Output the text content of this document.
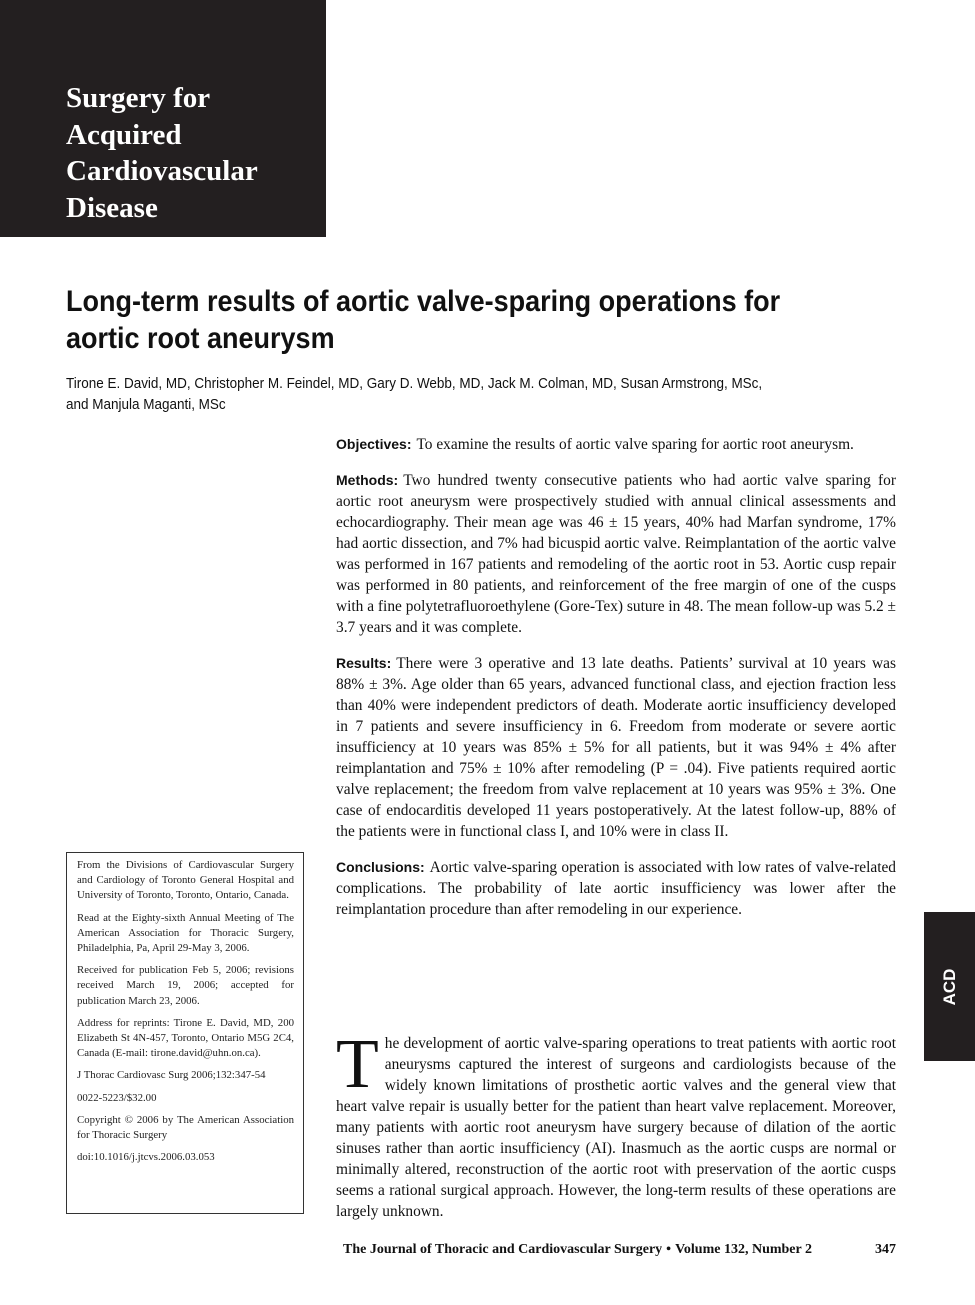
Surgery for
Acquired
Cardiovascular
Disease
Long-term results of aortic valve-sparing operations for
aortic root aneurysm
Tirone E. David, MD, Christopher M. Feindel, MD, Gary D. Webb, MD, Jack M. Colman, MD, Susan Armstrong, MSc,
and Manjula Maganti, MSc

Objectives: To examine the results of aortic valve sparing for aortic root aneurysm.

Methods: Two hundred twenty consecutive patients who had aortic valve sparing for aortic root aneurysm were prospectively studied with annual clinical assessments and echocardiography. Their mean age was 46 ± 15 years, 40% had Marfan syndrome, 17% had aortic dissection, and 7% had bicuspid aortic valve. Reimplantation of the aortic valve was performed in 167 patients and remodeling of the aortic root in 53. Aortic cusp repair was performed in 80 patients, and reinforcement of the free margin of one of the cusps with a fine polytetrafluoroethylene (Gore-Tex) suture in 48. The mean follow-up was 5.2 ± 3.7 years and it was complete.

Results: There were 3 operative and 13 late deaths. Patients’ survival at 10 years was 88% ± 3%. Age older than 65 years, advanced functional class, and ejection fraction less than 40% were independent predictors of death. Moderate aortic insufficiency developed in 7 patients and severe insufficiency in 6. Freedom from moderate or severe aortic insufficiency at 10 years was 85% ± 5% for all patients, but it was 94% ± 4% after reimplantation and 75% ± 10% after remodeling (P = .04). Five patients required aortic valve replacement; the freedom from valve replacement at 10 years was 95% ± 3%. One case of endocarditis developed 11 years postoperatively. At the latest follow-up, 88% of the patients were in functional class I, and 10% were in class II.

Conclusions: Aortic valve-sparing operation is associated with low rates of valve-related complications. The probability of late aortic insufficiency was lower after the reimplantation procedure than after remodeling in our experience.

The development of aortic valve-sparing operations to treat patients with aortic root aneurysms captured the interest of surgeons and cardiologists because of the widely known limitations of prosthetic aortic valves and the general view that heart valve repair is usually better for the patient than heart valve replacement. Moreover, many patients with aortic root aneurysm have surgery because of dilation of the aortic sinuses rather than aortic insufficiency (AI). Inasmuch as the aortic cusps are normal or minimally altered, reconstruction of the aortic root with preservation of the aortic cusps seems a rational surgical approach. However, the long-term results of these operations are largely unknown.

From the Divisions of Cardiovascular Surgery and Cardiology of Toronto General Hospital and University of Toronto, Toronto, Ontario, Canada.

Read at the Eighty-sixth Annual Meeting of The American Association for Thoracic Surgery, Philadelphia, Pa, April 29-May 3, 2006.

Received for publication Feb 5, 2006; revisions received March 19, 2006; accepted for publication March 23, 2006.

Address for reprints: Tirone E. David, MD, 200 Elizabeth St 4N-457, Toronto, Ontario M5G 2C4, Canada (E-mail: tirone.david@uhn.on.ca).

J Thorac Cardiovasc Surg 2006;132:347-54

0022-5223/$32.00

Copyright © 2006 by The American Association for Thoracic Surgery

doi:10.1016/j.jtcvs.2006.03.053

ACD
The Journal of Thoracic and Cardiovascular Surgery • Volume 132, Number 2	347
